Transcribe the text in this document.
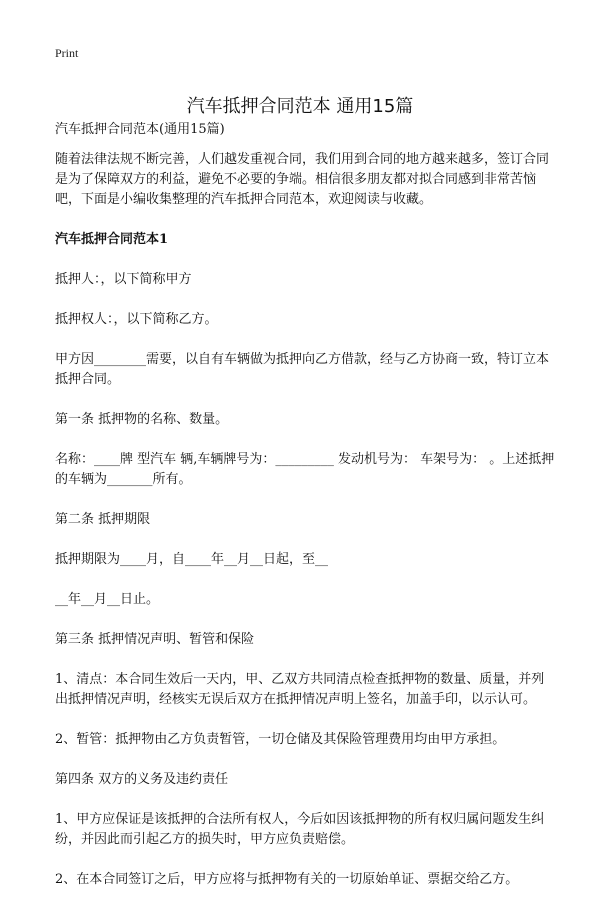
Print
汽车抵押合同范本 通用15篇

汽车抵押合同范本(通用15篇)

随着法律法规不断完善，人们越发重视合同，我们用到合同的地方越来越多，签订合同是为了保障双方的利益，避免不必要的争端。相信很多朋友都对拟合同感到非常苦恼吧，下面是小编收集整理的汽车抵押合同范本，欢迎阅读与收藏。

汽车抵押合同范本1

抵押人：，以下简称甲方

抵押权人：，以下简称乙方。

甲方因________需要，以自有车辆做为抵押向乙方借款，经与乙方协商一致，特订立本抵押合同。

第一条 抵押物的名称、数量。

名称：____牌 型汽车 辆,车辆牌号为：_________ 发动机号为： 车架号为： 。上述抵押的车辆为_______所有。

第二条 抵押期限

抵押期限为____月，自____年__月__日起，至__

__年__月__日止。

第三条 抵押情况声明、暂管和保险

1、清点：本合同生效后一天内，甲、乙双方共同清点检查抵押物的数量、质量，并列出抵押情况声明，经核实无误后双方在抵押情况声明上签名，加盖手印，以示认可。

2、暂管：抵押物由乙方负责暂管，一切仓储及其保险管理费用均由甲方承担。

第四条 双方的义务及违约责任

1、甲方应保证是该抵押的合法所有权人，今后如因该抵押物的所有权归属问题发生纠纷，并因此而引起乙方的损失时，甲方应负责赔偿。

2、在本合同签订之后，甲方应将与抵押物有关的一切原始单证、票据交给乙方。
